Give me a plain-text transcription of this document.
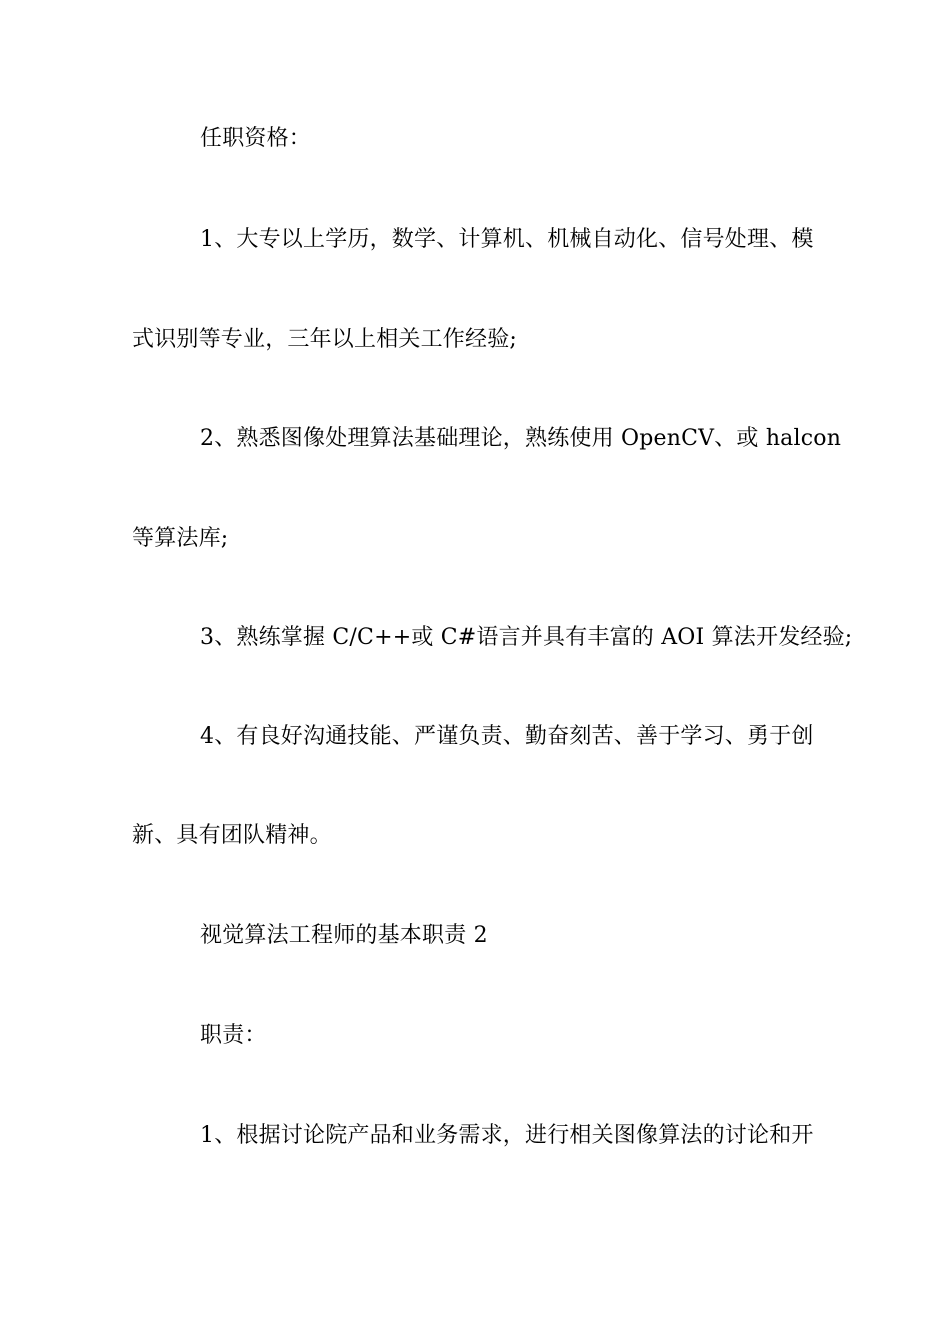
任职资格：
1、大专以上学历，数学、计算机、机械自动化、信号处理、模
式识别等专业，三年以上相关工作经验;
2、熟悉图像处理算法基础理论，熟练使用 OpenCV、或 halcon
等算法库;
3、熟练掌握 C/C++或 C#语言并具有丰富的 AOI 算法开发经验;
4、有良好沟通技能、严谨负责、勤奋刻苦、善于学习、勇于创
新、具有团队精神。
视觉算法工程师的基本职责 2
职责：
1、根据讨论院产品和业务需求，进行相关图像算法的讨论和开
